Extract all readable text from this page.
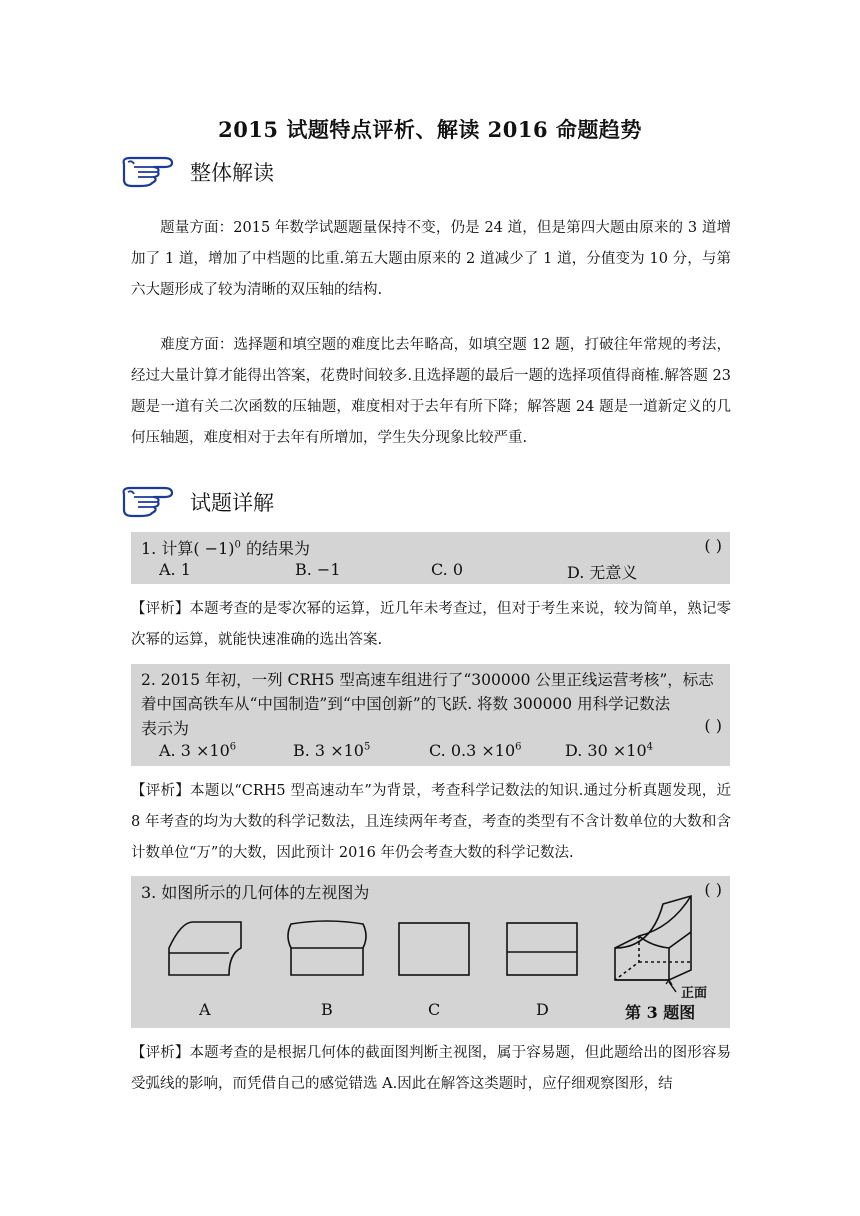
2015 试题特点评析、解读 2016 命题趋势
整体解读
题量方面：2015 年数学试题题量保持不变，仍是 24 道，但是第四大题由原来的 3 道增加了 1 道，增加了中档题的比重.第五大题由原来的 2 道减少了 1 道，分值变为 10 分，与第六大题形成了较为清晰的双压轴的结构.
难度方面：选择题和填空题的难度比去年略高，如填空题 12 题，打破往年常规的考法，经过大量计算才能得出答案，花费时间较多.且选择题的最后一题的选择项值得商榷.解答题 23 题是一道有关二次函数的压轴题，难度相对于去年有所下降；解答题 24 题是一道新定义的几何压轴题，难度相对于去年有所增加，学生失分现象比较严重.
试题详解
1. 计算( −1)$^0$ 的结果为	( )
A. 1	B. −1	C. 0	D. 无意义
【评析】本题考查的是零次幂的运算，近几年未考查过，但对于考生来说，较为简单，熟记零次幂的运算，就能快速准确的选出答案.
2. 2015 年初，一列 CRH5 型高速车组进行了“300000 公里正线运营考核”，标志
着中国高铁车从“中国制造”到“中国创新”的飞跃. 将数 300000 用科学记数法
表示为	( )
A. $3 \times 10^6$	B. $3 \times 10^5$	C. $0.3 \times 10^6$	D. $30 \times 10^4$
【评析】本题以“CRH5 型高速动车”为背景，考查科学记数法的知识.通过分析真题发现，近 8 年考查的均为大数的科学记数法，且连续两年考查，考查的类型有不含计数单位的大数和含计数单位“万”的大数，因此预计 2016 年仍会考查大数的科学记数法.
3. 如图所示的几何体的左视图为	( )
A	B	C	D	第 3 题图
正面
【评析】本题考查的是根据几何体的截面图判断主视图，属于容易题，但此题给出的图形容易受弧线的影响，而凭借自己的感觉错选 A.因此在解答这类题时，应仔细观察图形，结
